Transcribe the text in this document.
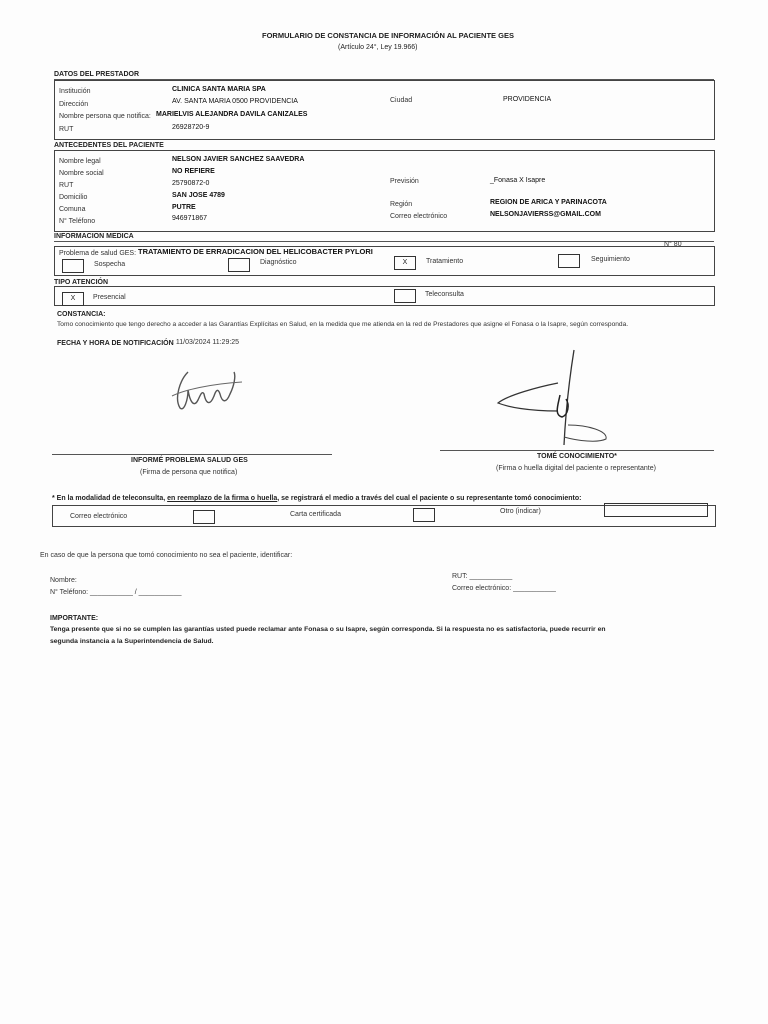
FORMULARIO DE CONSTANCIA DE INFORMACIÓN AL PACIENTE GES
(Artículo 24°, Ley 19.966)
DATOS DEL PRESTADOR
Institución	CLINICA SANTA MARIA SPA
Dirección	AV. SANTA MARIA 0500 PROVIDENCIA	Ciudad	PROVIDENCIA
Nombre persona que notifica: MARIELVIS ALEJANDRA DAVILA CANIZALES
RUT	26928720-9
ANTECEDENTES DEL PACIENTE
Nombre legal	NELSON JAVIER SANCHEZ SAAVEDRA
Nombre social	NO REFIERE
RUT	25790872-0
Domicilio	SAN JOSE 4789
Comuna	PUTRE
N° Teléfono	946971867
Previsión	_Fonasa X Isapre
Región	REGION DE ARICA Y PARINACOTA
Correo electrónico	NELSONJAVIERSS@GMAIL.COM
INFORMACION MEDICA
N° 80
Problema de salud GES: TRATAMIENTO DE ERRADICACION DEL HELICOBACTER PYLORI
Sospecha	Diagnóstico	X	Tratamiento	Seguimiento
TIPO ATENCIÓN
X	Presencial	Teleconsulta
CONSTANCIA:
Tomo conocimiento que tengo derecho a acceder a las Garantías Explícitas en Salud, en la medida que me atienda en la red de Prestadores que asigne el Fonasa o la Isapre, según corresponda.
FECHA Y HORA DE NOTIFICACIÓN
: 11/03/2024 11:29:25
INFORMÉ PROBLEMA SALUD GES
(Firma de persona que notifica)
TOMÉ CONOCIMIENTO*
(Firma o huella digital del paciente o representante)
* En la modalidad de teleconsulta, en reemplazo de la firma o huella, se registrará el medio a través del cual el paciente o su representante tomó conocimiento:
Correo electrónico	Carta certificada	Otro (indicar)
En caso de que la persona que tomó conocimiento no sea el paciente, identificar:
Nombre:
N° Teléfono: ___________ / ___________
RUT: ___________
Correo electrónico: ___________
IMPORTANTE:
Tenga presente que si no se cumplen las garantías usted puede reclamar ante Fonasa o su Isapre, según corresponda. Si la respuesta no es satisfactoria, puede recurrir en
segunda instancia a la Superintendencia de Salud.
